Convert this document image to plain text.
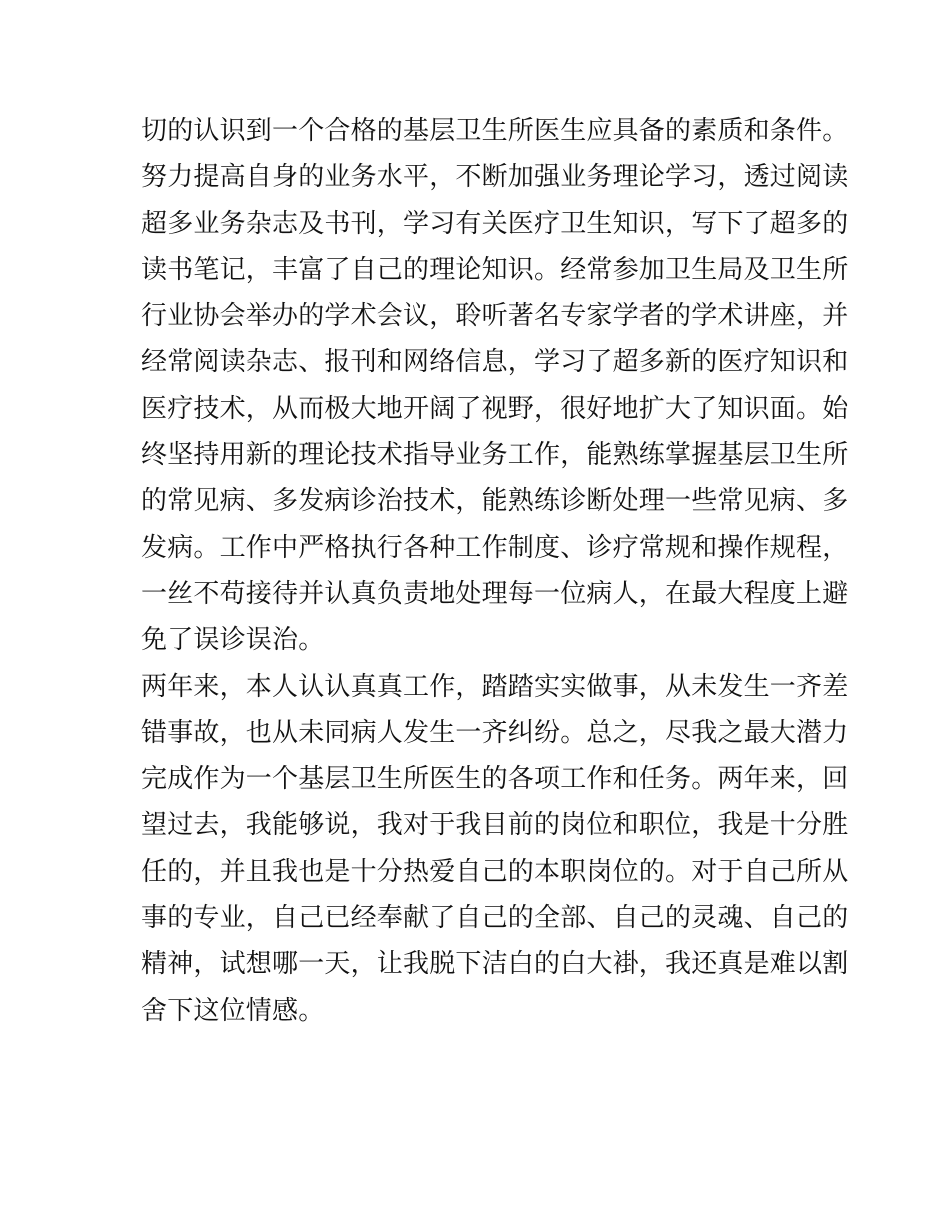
切的认识到一个合格的基层卫生所医生应具备的素质和条件。
努力提高自身的业务水平，不断加强业务理论学习，透过阅读
超多业务杂志及书刊，学习有关医疗卫生知识，写下了超多的
读书笔记，丰富了自己的理论知识。经常参加卫生局及卫生所
行业协会举办的学术会议，聆听著名专家学者的学术讲座，并
经常阅读杂志、报刊和网络信息，学习了超多新的医疗知识和
医疗技术，从而极大地开阔了视野，很好地扩大了知识面。始
终坚持用新的理论技术指导业务工作，能熟练掌握基层卫生所
的常见病、多发病诊治技术，能熟练诊断处理一些常见病、多
发病。工作中严格执行各种工作制度、诊疗常规和操作规程，
一丝不苟接待并认真负责地处理每一位病人，在最大程度上避
免了误诊误治。
两年来，本人认认真真工作，踏踏实实做事，从未发生一齐差
错事故，也从未同病人发生一齐纠纷。总之，尽我之最大潜力
完成作为一个基层卫生所医生的各项工作和任务。两年来，回
望过去，我能够说，我对于我目前的岗位和职位，我是十分胜
任的，并且我也是十分热爱自己的本职岗位的。对于自己所从
事的专业，自己已经奉献了自己的全部、自己的灵魂、自己的
精神，试想哪一天，让我脱下洁白的白大褂，我还真是难以割
舍下这位情感。
